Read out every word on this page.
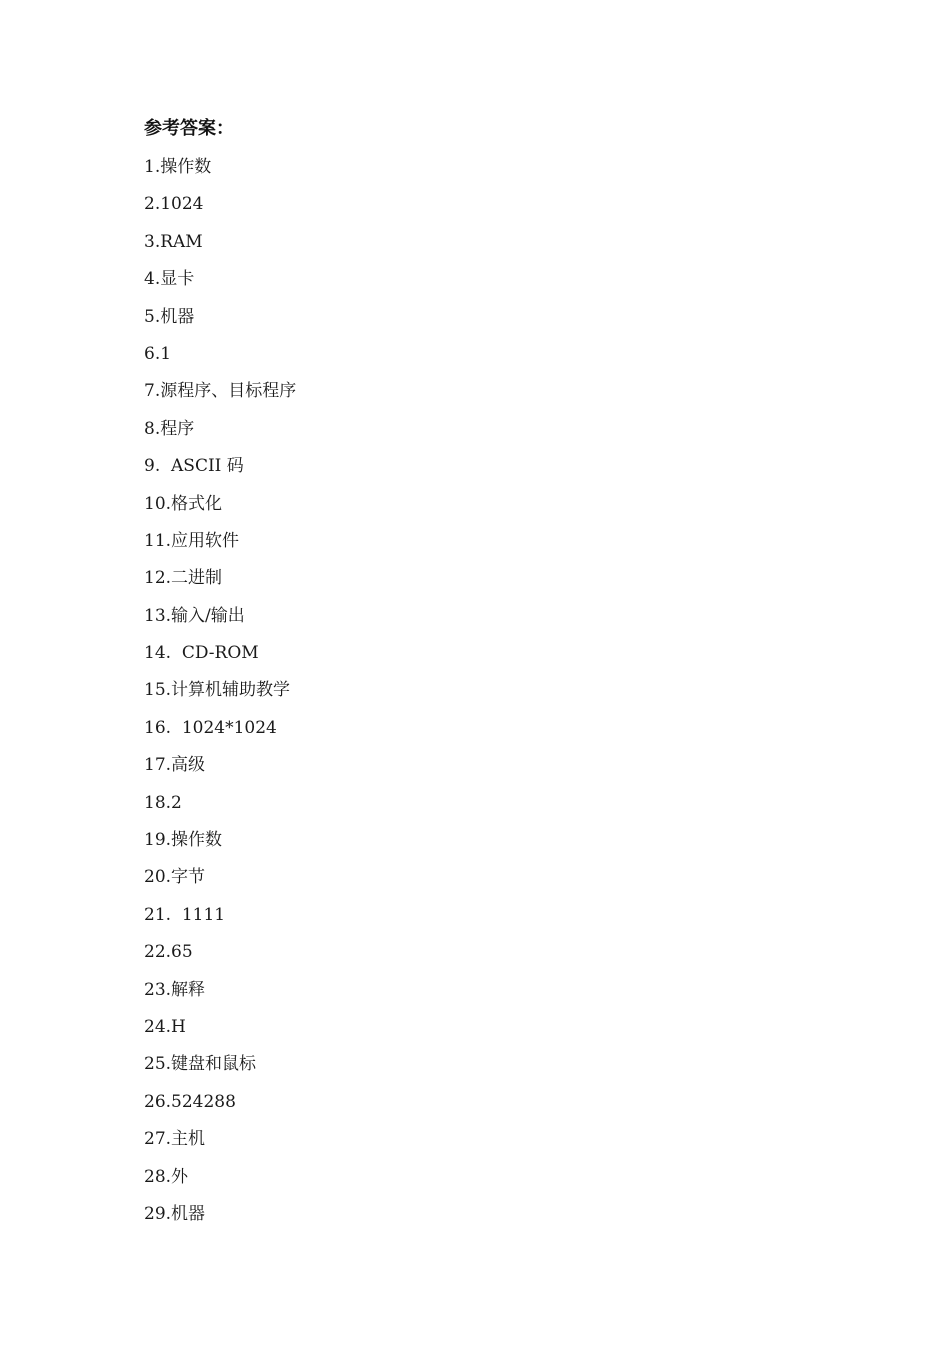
参考答案：
1.操作数
2.1024
3.RAM
4.显卡
5.机器
6.1
7.源程序、目标程序
8.程序
9.  ASCII 码
10.格式化
11.应用软件
12.二进制
13.输入/输出
14.  CD-ROM
15.计算机辅助教学
16.  1024*1024
17.高级
18.2
19.操作数
20.字节
21.  1111
22.65
23.解释
24.H
25.键盘和鼠标
26.524288
27.主机
28.外
29.机器
